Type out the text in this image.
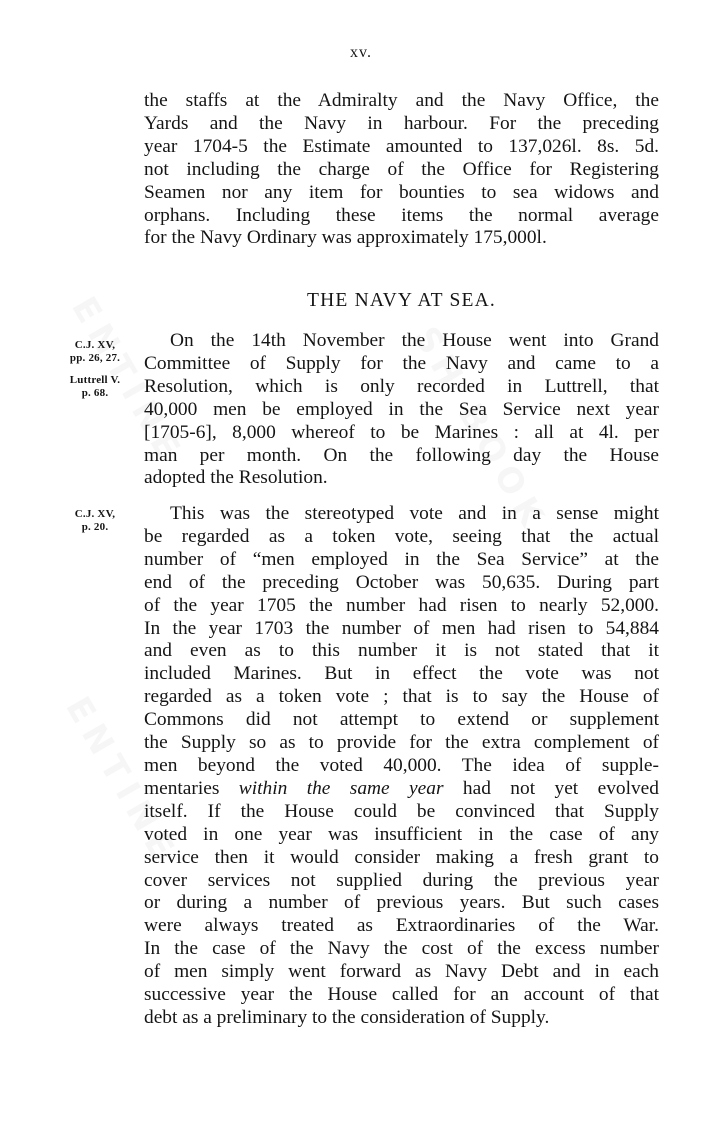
xv.
the staffs at the Admiralty and the Navy Office, the
Yards and the Navy in harbour. For the preceding
year 1704-5 the Estimate amounted to 137,026l. 8s. 5d.
not including the charge of the Office for Registering
Seamen nor any item for bounties to sea widows and
orphans. Including these items the normal average
for the Navy Ordinary was approximately 175,000l.
THE NAVY AT SEA.
C.J. XV,
pp. 26, 27.
Luttrell V.
p. 68.
C.J. XV,
p. 20.
On the 14th November the House went into Grand
Committee of Supply for the Navy and came to a
Resolution, which is only recorded in Luttrell, that
40,000 men be employed in the Sea Service next year
[1705-6], 8,000 whereof to be Marines : all at 4l. per
man per month. On the following day the House
adopted the Resolution.
This was the stereotyped vote and in a sense might
be regarded as a token vote, seeing that the actual
number of “men employed in the Sea Service” at the
end of the preceding October was 50,635. During part
of the year 1705 the number had risen to nearly 52,000.
In the year 1703 the number of men had risen to 54,884
and even as to this number it is not stated that it
included Marines. But in effect the vote was not
regarded as a token vote ; that is to say the House of
Commons did not attempt to extend or supplement
the Supply so as to provide for the extra complement of
men beyond the voted 40,000. The idea of supple-
mentaries within the same year had not yet evolved
itself. If the House could be convinced that Supply
voted in one year was insufficient in the case of any
service then it would consider making a fresh grant to
cover services not supplied during the previous year
or during a number of previous years. But such cases
were always treated as Extraordinaries of the War.
In the case of the Navy the cost of the excess number
of men simply went forward as Navy Debt and in each
successive year the House called for an account of that
debt as a preliminary to the consideration of Supply.
